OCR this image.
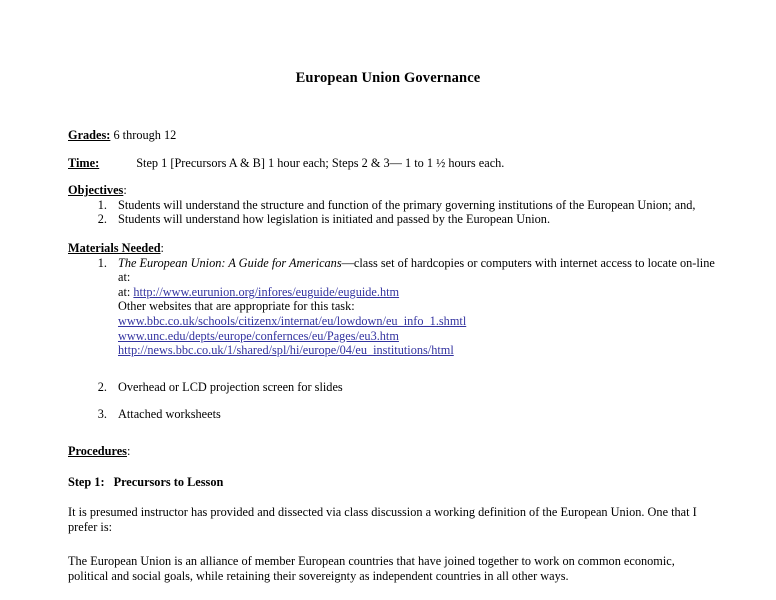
European Union Governance
Grades: 6 through 12
Time:	Step 1 [Precursors A & B] 1 hour each; Steps 2 & 3— 1 to 1 ½ hours each.
Objectives:
1. Students will understand the structure and function of the primary governing institutions of the European Union; and,
2. Students will understand how legislation is initiated and passed by the European Union.
Materials Needed:
1. The European Union: A Guide for Americans—class set of hardcopies or computers with internet access to locate on-line at:
at: http://www.eurunion.org/infores/euguide/euguide.htm
Other websites that are appropriate for this task:
www.bbc.co.uk/schools/citizenx/internat/eu/lowdown/eu_info_1.shmtl
www.unc.edu/depts/europe/confernces/eu/Pages/eu3.htm
http://news.bbc.co.uk/1/shared/spl/hi/europe/04/eu_institutions/html
2. Overhead or LCD projection screen for slides
3. Attached worksheets
Procedures:
Step 1: Precursors to Lesson
It is presumed instructor has provided and dissected via class discussion a working definition of the European Union. One that I prefer is:
The European Union is an alliance of member European countries that have joined together to work on common economic, political and social goals, while retaining their sovereignty as independent countries in all other ways.
